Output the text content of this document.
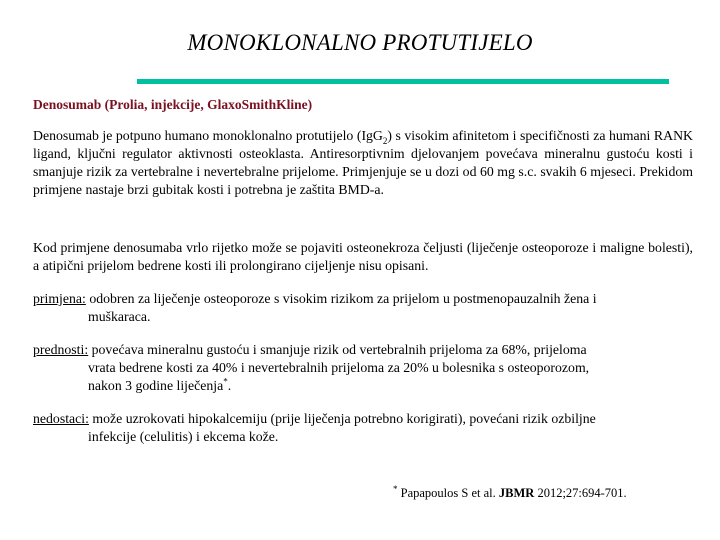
MONOKLONALNO PROTUTIJELO
Denosumab (Prolia, injekcije, GlaxoSmithKline)
Denosumab je potpuno humano monoklonalno protutijelo (IgG$_2$) s visokim afinitetom i specifičnosti za humani RANK ligand, ključni regulator aktivnosti osteoklasta. Antiresorptivnim djelovanjem povećava mineralnu gustoću kosti i smanjuje rizik za vertebralne i nevertebralne prijelome. Primjenjuje se u dozi od 60 mg s.c. svakih 6 mjeseci. Prekidom primjene nastaje brzi gubitak kosti i potrebna je zaštita BMD-a.
Kod primjene denosumaba vrlo rijetko može se pojaviti osteonekroza čeljusti (liječenje osteoporoze i maligne bolesti), a atipični prijelom bedrene kosti ili prolongirano cijeljenje nisu opisani.
primjena: odobren za liječenje osteoporoze s visokim rizikom za prijelom u postmenopauzalnih žena i
muškaraca.
prednosti: povećava mineralnu gustoću i smanjuje rizik od vertebralnih prijeloma za 68%, prijeloma
vrata bedrene kosti za 40% i nevertebralnih prijeloma za 20% u bolesnika s osteoporozom,
nakon 3 godine liječenja*.
nedostaci: može uzrokovati hipokalcemiju (prije liječenja potrebno korigirati), povećani rizik ozbiljne
infekcije (celulitis) i ekcema kože.
* Papapoulos S et al. JBMR 2012;27:694-701.
